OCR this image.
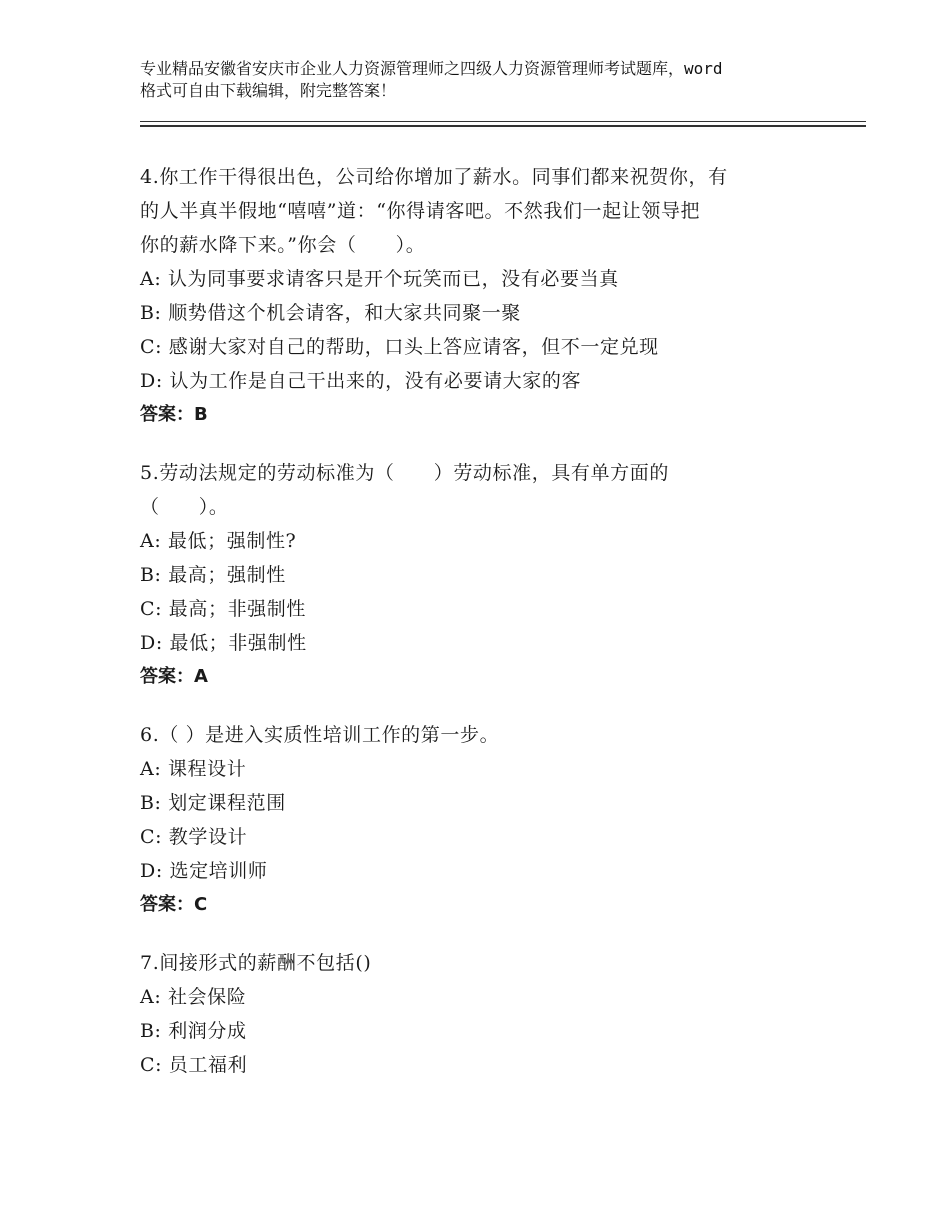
专业精品安徽省安庆市企业人力资源管理师之四级人力资源管理师考试题库，word
格式可自由下载编辑，附完整答案！
4.你工作干得很出色，公司给你增加了薪水。同事们都来祝贺你，有
的人半真半假地“嘻嘻”道：“你得请客吧。不然我们一起让领导把
你的薪水降下来。”你会（　　）。
A: 认为同事要求请客只是开个玩笑而已，没有必要当真
B: 顺势借这个机会请客，和大家共同聚一聚
C: 感谢大家对自己的帮助，口头上答应请客，但不一定兑现
D: 认为工作是自己干出来的，没有必要请大家的客
答案：B
5.劳动法规定的劳动标准为（　　）劳动标准，具有单方面的
（　　）。
A: 最低；强制性?
B: 最高；强制性
C: 最高；非强制性
D: 最低；非强制性
答案：A
6.（ ）是进入实质性培训工作的第一步。
A: 课程设计
B: 划定课程范围
C: 教学设计
D: 选定培训师
答案：C
7.间接形式的薪酬不包括()
A: 社会保险
B: 利润分成
C: 员工福利
